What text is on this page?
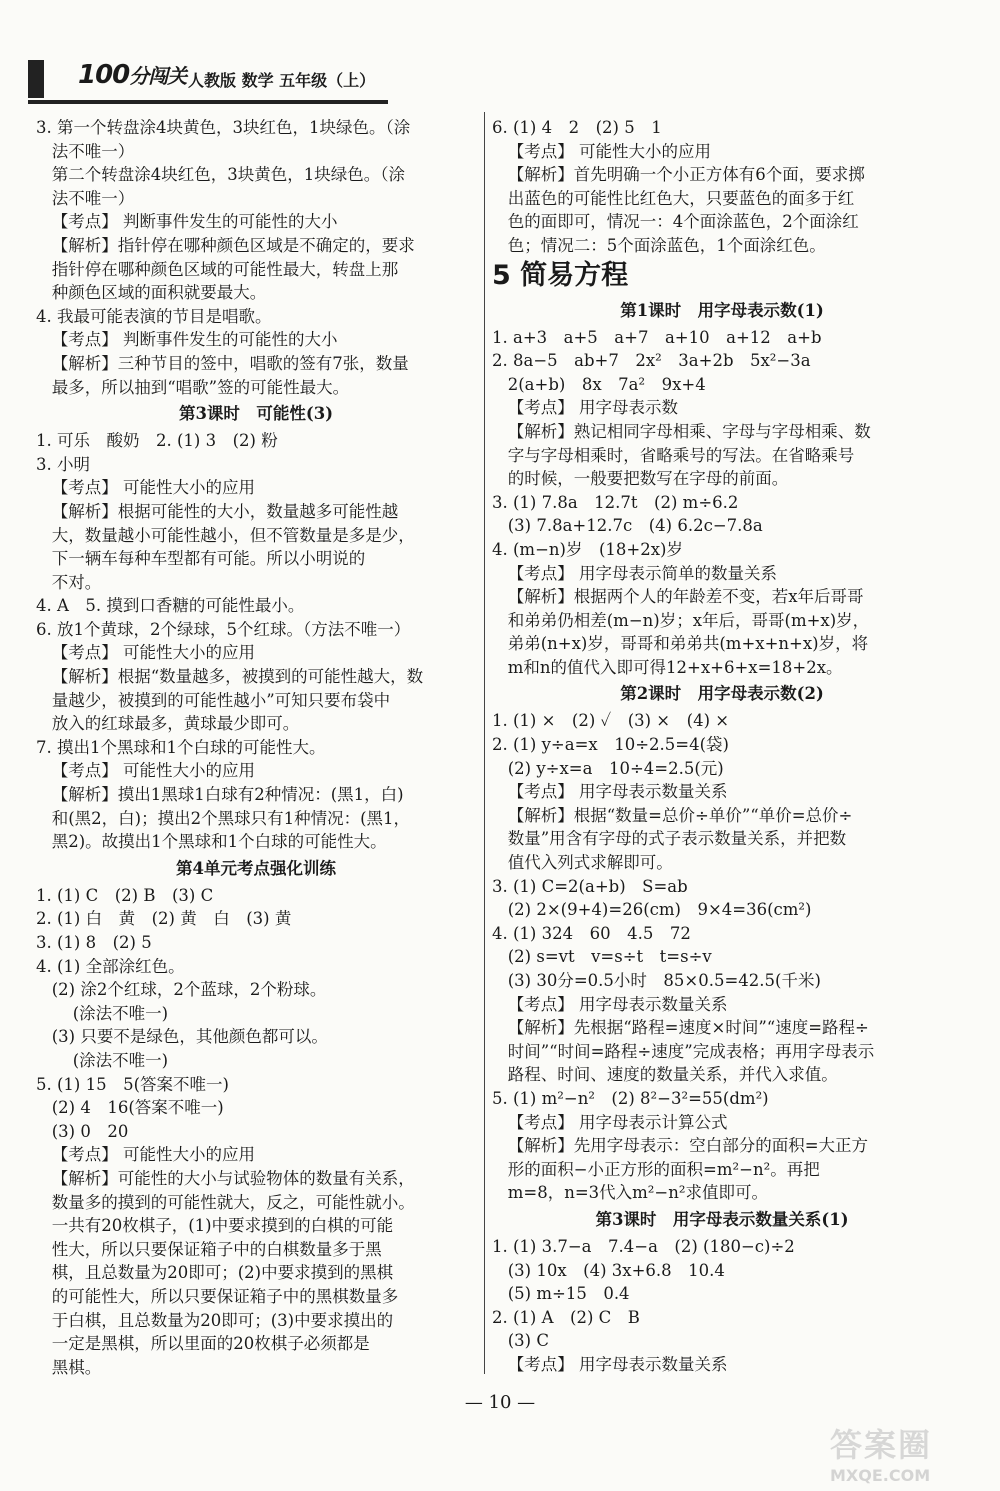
100分闯关 人教版 数学 五年级（上）
3. 第一个转盘涂4块黄色，3块红色，1块绿色。（涂
法不唯一）
第二个转盘涂4块红色，3块黄色，1块绿色。（涂
法不唯一）
【考点】 判断事件发生的可能性的大小
【解析】指针停在哪种颜色区域是不确定的，要求
指针停在哪种颜色区域的可能性最大，转盘上那
种颜色区域的面积就要最大。
4. 我最可能表演的节目是唱歌。
【考点】 判断事件发生的可能性的大小
【解析】三种节目的签中，唱歌的签有7张，数量
最多，所以抽到“唱歌”签的可能性最大。
第3课时　可能性(3)
1. 可乐　酸奶　2. (1) 3　(2) 粉
3. 小明
【考点】 可能性大小的应用
【解析】根据可能性的大小，数量越多可能性越
大，数量越小可能性越小，但不管数量是多是少，
下一辆车每种车型都有可能。所以小明说的
不对。
4. A　5. 摸到口香糖的可能性最小。
6. 放1个黄球，2个绿球，5个红球。（方法不唯一）
【考点】 可能性大小的应用
【解析】根据“数量越多，被摸到的可能性越大，数
量越少，被摸到的可能性越小”可知只要布袋中
放入的红球最多，黄球最少即可。
7. 摸出1个黑球和1个白球的可能性大。
【考点】 可能性大小的应用
【解析】摸出1黑球1白球有2种情况：(黑1，白)
和(黑2，白)；摸出2个黑球只有1种情况：(黑1，
黑2)。故摸出1个黑球和1个白球的可能性大。
第4单元考点强化训练
1. (1) C　(2) B　(3) C
2. (1) 白　黄　(2) 黄　白　(3) 黄
3. (1) 8　(2) 5
4. (1) 全部涂红色。
(2) 涂2个红球，2个蓝球，2个粉球。
(涂法不唯一)
(3) 只要不是绿色，其他颜色都可以。
(涂法不唯一)
5. (1) 15　5(答案不唯一)
(2) 4　16(答案不唯一)
(3) 0　20
【考点】 可能性大小的应用
【解析】可能性的大小与试验物体的数量有关系，
数量多的摸到的可能性就大，反之，可能性就小。
一共有20枚棋子，(1)中要求摸到的白棋的可能
性大，所以只要保证箱子中的白棋数量多于黑
棋，且总数量为20即可；(2)中要求摸到的黑棋
的可能性大，所以只要保证箱子中的黑棋数量多
于白棋，且总数量为20即可；(3)中要求摸出的
一定是黑棋，所以里面的20枚棋子必须都是
黑棋。
6. (1) 4　2　(2) 5　1
【考点】 可能性大小的应用
【解析】首先明确一个小正方体有6个面，要求掷
出蓝色的可能性比红色大，只要蓝色的面多于红
色的面即可，情况一：4个面涂蓝色，2个面涂红
色；情况二：5个面涂蓝色，1个面涂红色。
5 简易方程
第1课时　用字母表示数(1)
1. a+3　a+5　a+7　a+10　a+12　a+b
2. 8a−5　ab+7　2x²　3a+2b　5x²−3a
2(a+b)　8x　7a²　9x+4
【考点】 用字母表示数
【解析】熟记相同字母相乘、字母与字母相乘、数
字与字母相乘时，省略乘号的写法。在省略乘号
的时候，一般要把数写在字母的前面。
3. (1) 7.8a　12.7t　(2) m÷6.2
(3) 7.8a+12.7c　(4) 6.2c−7.8a
4. (m−n)岁　(18+2x)岁
【考点】 用字母表示简单的数量关系
【解析】根据两个人的年龄差不变，若x年后哥哥
和弟弟仍相差(m−n)岁；x年后，哥哥(m+x)岁，
弟弟(n+x)岁，哥哥和弟弟共(m+x+n+x)岁，将
m和n的值代入即可得12+x+6+x=18+2x。
第2课时　用字母表示数(2)
1. (1) ×　(2) ✓　(3) ×　(4) ×
2. (1) y÷a=x　10÷2.5=4(袋)
(2) y÷x=a　10÷4=2.5(元)
【考点】 用字母表示数量关系
【解析】根据“数量=总价÷单价”“单价=总价÷
数量”用含有字母的式子表示数量关系，并把数
值代入列式求解即可。
3. (1) C=2(a+b)　S=ab
(2) 2×(9+4)=26(cm)　9×4=36(cm²)
4. (1) 324　60　4.5　72
(2) s=vt　v=s÷t　t=s÷v
(3) 30分=0.5小时　85×0.5=42.5(千米)
【考点】 用字母表示数量关系
【解析】先根据“路程=速度×时间”“速度=路程÷
时间”“时间=路程÷速度”完成表格；再用字母表示
路程、时间、速度的数量关系，并代入求值。
5. (1) m²−n²　(2) 8²−3²=55(dm²)
【考点】 用字母表示计算公式
【解析】先用字母表示：空白部分的面积=大正方
形的面积−小正方形的面积=m²−n²。再把
m=8，n=3代入m²−n²求值即可。
第3课时　用字母表示数量关系(1)
1. (1) 3.7−a　7.4−a　(2) (180−c)÷2
(3) 10x　(4) 3x+6.8　10.4
(5) m÷15　0.4
2. (1) A　(2) C　B
(3) C
【考点】 用字母表示数量关系
— 10 —
答案圈
MXQE.COM
